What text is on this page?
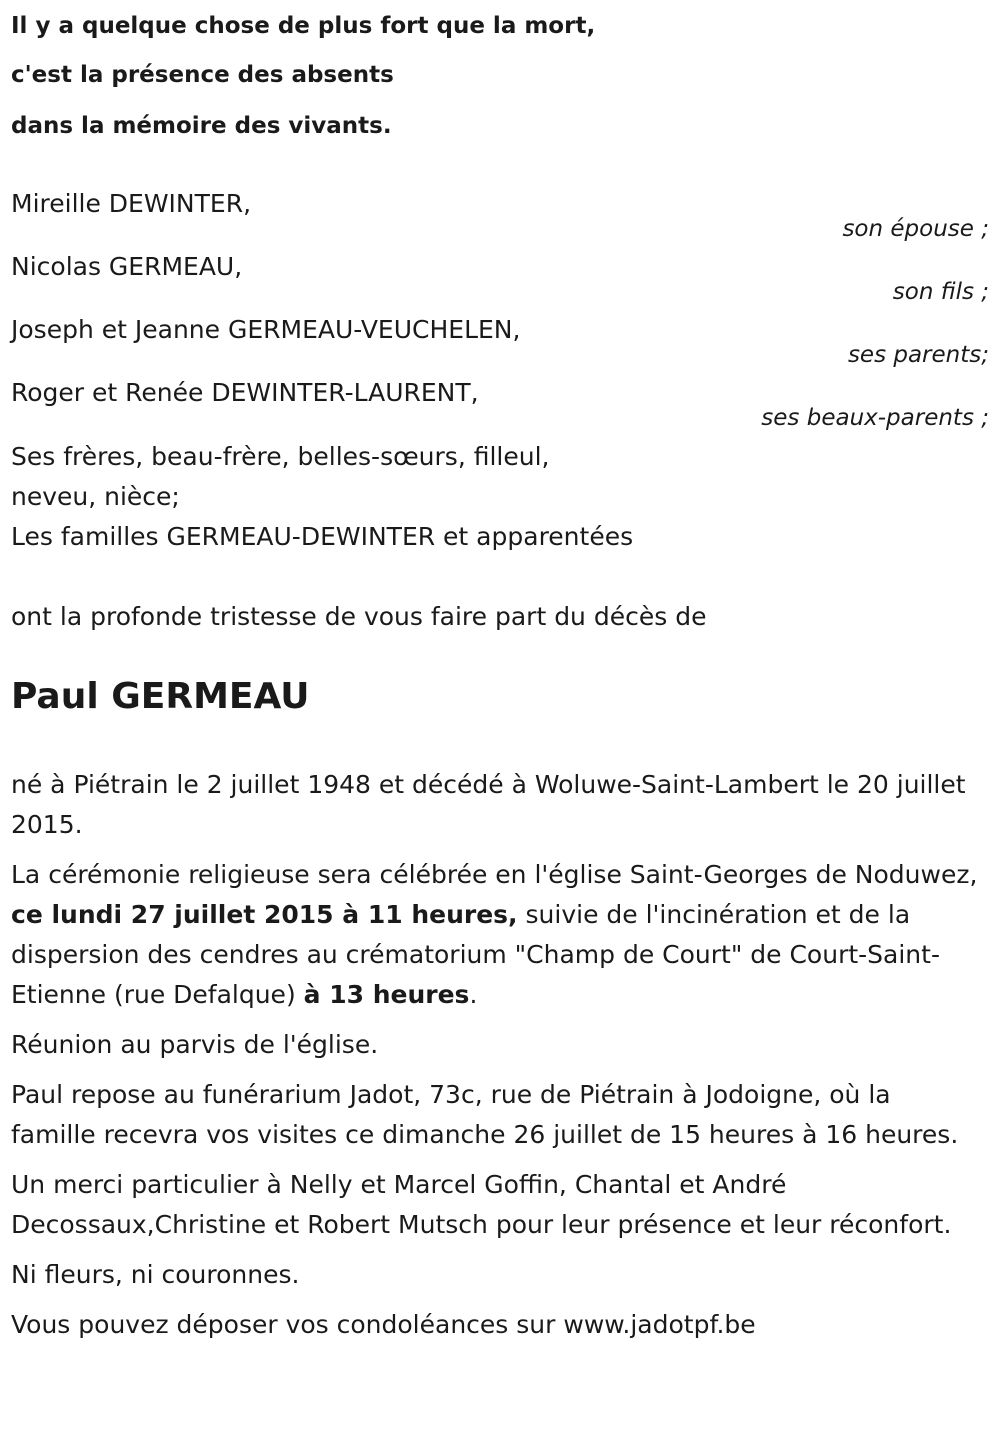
Il y a quelque chose de plus fort que la mort,
c'est la présence des absents
dans la mémoire des vivants.
Mireille DEWINTER,
son épouse ;
Nicolas GERMEAU,
son fils ;
Joseph et Jeanne GERMEAU-VEUCHELEN,
ses parents;
Roger et Renée DEWINTER-LAURENT,
ses beaux-parents ;
Ses frères, beau-frère, belles-sœurs, filleul,
neveu, nièce;
Les familles GERMEAU-DEWINTER et apparentées
ont la profonde tristesse de vous faire part du décès de
Paul GERMEAU

né à Piétrain le 2 juillet 1948 et décédé à Woluwe-Saint-Lambert le 20 juillet 2015.

La cérémonie religieuse sera célébrée en l'église Saint-Georges de Noduwez, ce lundi 27 juillet 2015 à 11 heures, suivie de l'incinération et de la dispersion des cendres au crématorium "Champ de Court" de Court-Saint-Etienne (rue Defalque) à 13 heures.

Réunion au parvis de l'église.

Paul repose au funérarium Jadot, 73c, rue de Piétrain à Jodoigne, où la famille recevra vos visites ce dimanche 26 juillet de 15 heures à 16 heures.

Un merci particulier à Nelly et Marcel Goffin, Chantal et André Decossaux,Christine et Robert Mutsch pour leur présence et leur réconfort.

Ni fleurs, ni couronnes.

Vous pouvez déposer vos condoléances sur www.jadotpf.be
